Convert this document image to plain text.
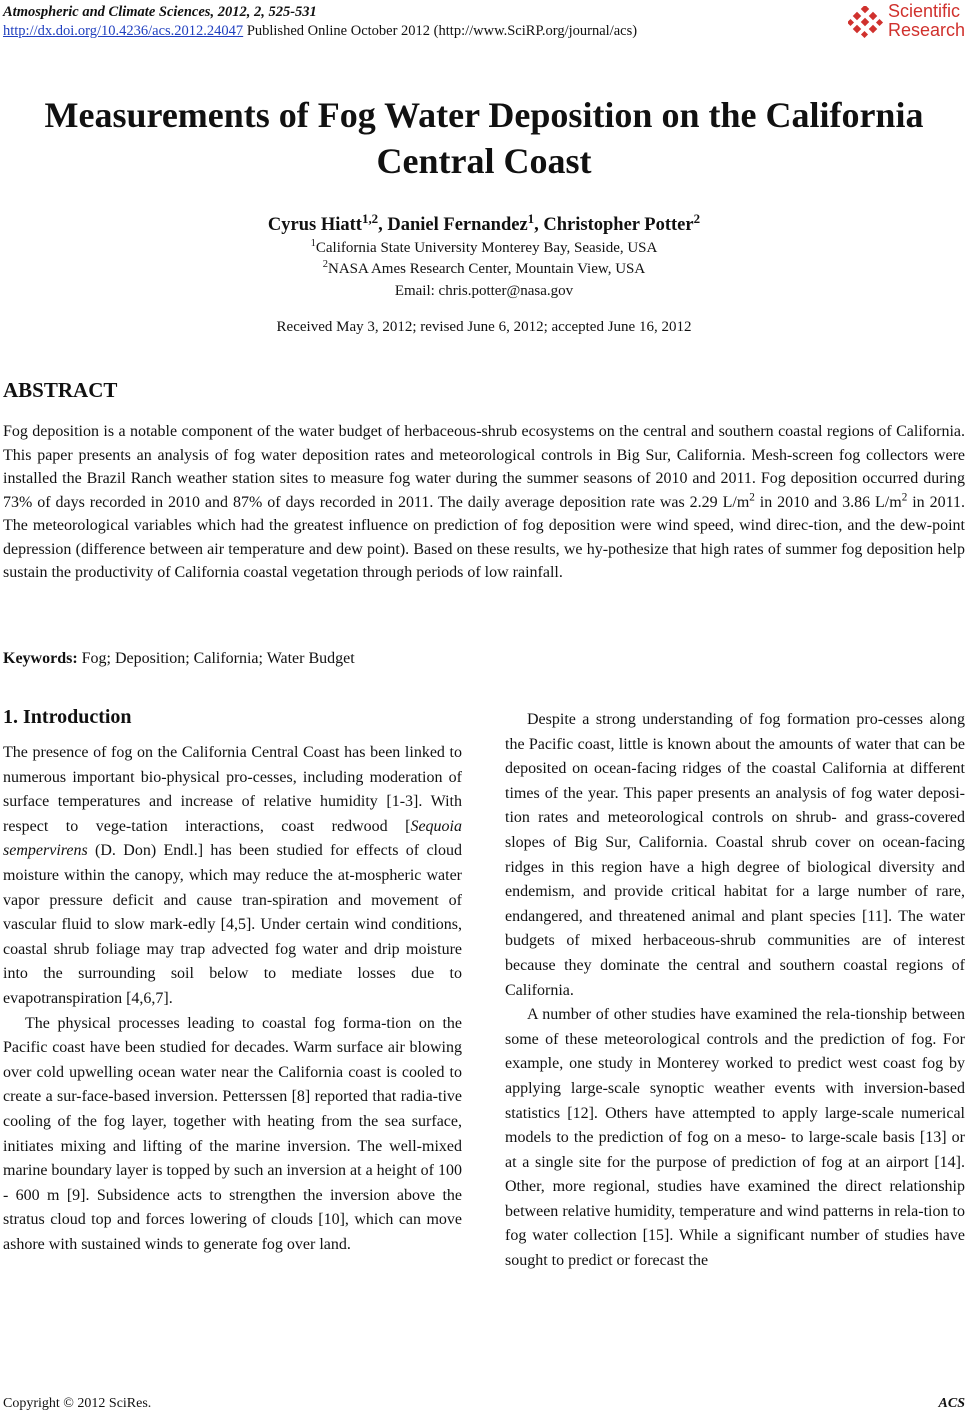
Atmospheric and Climate Sciences, 2012, 2, 525-531
http://dx.doi.org/10.4236/acs.2012.24047 Published Online October 2012 (http://www.SciRP.org/journal/acs)
Scientific
Research
Measurements of Fog Water Deposition on the California
Central Coast
Cyrus Hiatt$^{1,2}$, Daniel Fernandez$^1$, Christopher Potter$^2$
$^1$California State University Monterey Bay, Seaside, USA
$^2$NASA Ames Research Center, Mountain View, USA
Email: chris.potter@nasa.gov
Received May 3, 2012; revised June 6, 2012; accepted June 16, 2012
ABSTRACT
Fog deposition is a notable component of the water budget of herbaceous-shrub ecosystems on the central and southern coastal regions of California. This paper presents an analysis of fog water deposition rates and meteorological controls in Big Sur, California. Mesh-screen fog collectors were installed the Brazil Ranch weather station sites to measure fog water during the summer seasons of 2010 and 2011. Fog deposition occurred during 73% of days recorded in 2010 and 87% of days recorded in 2011. The daily average deposition rate was 2.29 $L/m^2$ in 2010 and 3.86 $L/m^2$ in 2011. The meteorological variables which had the greatest influence on prediction of fog deposition were wind speed, wind direc-tion, and the dew-point depression (difference between air temperature and dew point). Based on these results, we hy-pothesize that high rates of summer fog deposition help sustain the productivity of California coastal vegetation through periods of low rainfall.
Keywords: Fog; Deposition; California; Water Budget
1. Introduction

The presence of fog on the California Central Coast has been linked to numerous important bio-physical pro-cesses, including moderation of surface temperatures and increase of relative humidity [1-3]. With respect to vege-tation interactions, coast redwood [Sequoia sempervirens (D. Don) Endl.] has been studied for effects of cloud moisture within the canopy, which may reduce the at-mospheric water vapor pressure deficit and cause tran-spiration and movement of vascular fluid to slow mark-edly [4,5]. Under certain wind conditions, coastal shrub foliage may trap advected fog water and drip moisture into the surrounding soil below to mediate losses due to evapotranspiration [4,6,7].

The physical processes leading to coastal fog forma-tion on the Pacific coast have been studied for decades. Warm surface air blowing over cold upwelling ocean water near the California coast is cooled to create a sur-face-based inversion. Petterssen [8] reported that radia-tive cooling of the fog layer, together with heating from the sea surface, initiates mixing and lifting of the marine inversion. The well-mixed marine boundary layer is topped by such an inversion at a height of 100 - 600 m [9]. Subsidence acts to strengthen the inversion above the stratus cloud top and forces lowering of clouds [10], which can move ashore with sustained winds to generate fog over land.

Despite a strong understanding of fog formation pro-cesses along the Pacific coast, little is known about the amounts of water that can be deposited on ocean-facing ridges of the coastal California at different times of the year. This paper presents an analysis of fog water deposi-tion rates and meteorological controls on shrub- and grass-covered slopes of Big Sur, California. Coastal shrub cover on ocean-facing ridges in this region have a high degree of biological diversity and endemism, and provide critical habitat for a large number of rare, endangered, and threatened animal and plant species [11]. The water budgets of mixed herbaceous-shrub communities are of interest because they dominate the central and southern coastal regions of California.

A number of other studies have examined the rela-tionship between some of these meteorological controls and the prediction of fog. For example, one study in Monterey worked to predict west coast fog by applying large-scale synoptic weather events with inversion-based statistics [12]. Others have attempted to apply large-scale numerical models to the prediction of fog on a meso- to large-scale basis [13] or at a single site for the purpose of prediction of fog at an airport [14]. Other, more regional, studies have examined the direct relationship between relative humidity, temperature and wind patterns in rela-tion to fog water collection [15]. While a significant number of studies have sought to predict or forecast the

Copyright © 2012 SciRes.	ACS
